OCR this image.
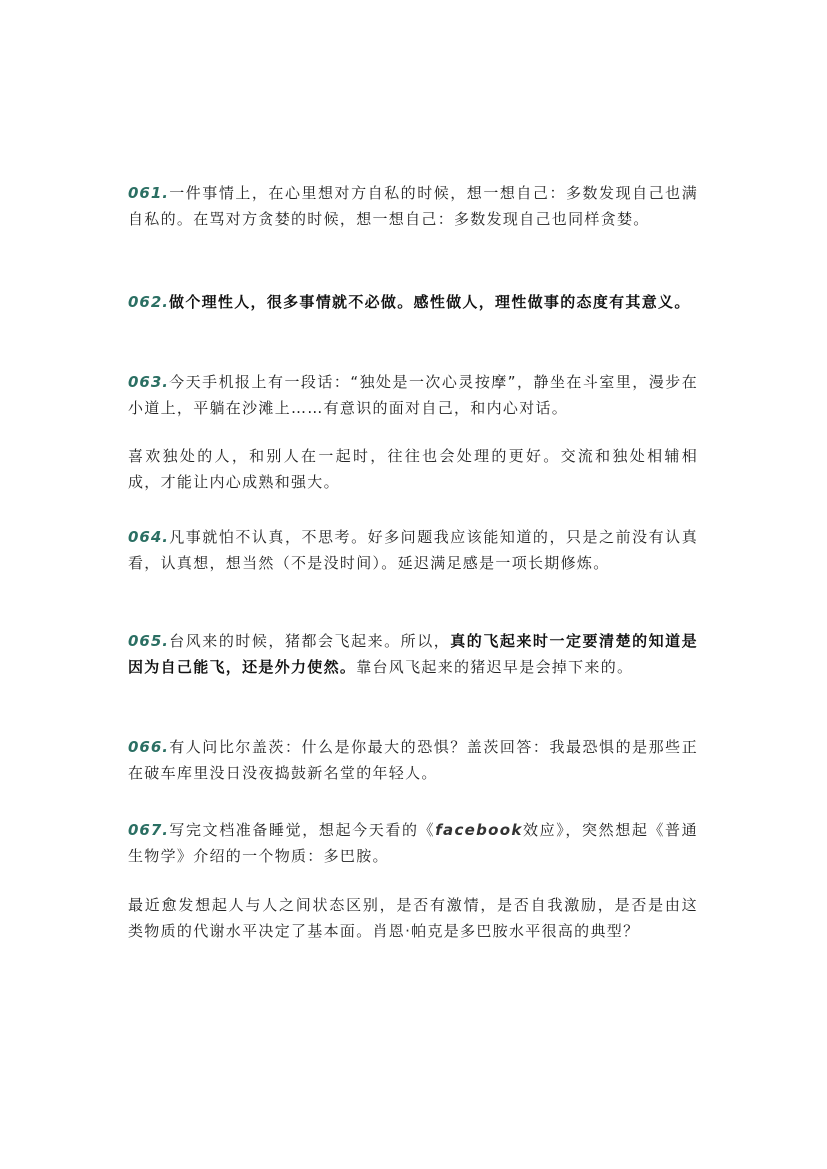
061.一件事情上，在心里想对方自私的时候，想一想自己：多数发现自己也满自私的。在骂对方贪婪的时候，想一想自己：多数发现自己也同样贪婪。

062.做个理性人，很多事情就不必做。感性做人，理性做事的态度有其意义。

063.今天手机报上有一段话：“独处是一次心灵按摩”，静坐在斗室里，漫步在小道上，平躺在沙滩上……有意识的面对自己，和内心对话。

喜欢独处的人，和别人在一起时，往往也会处理的更好。交流和独处相辅相成，才能让内心成熟和强大。

064.凡事就怕不认真，不思考。好多问题我应该能知道的，只是之前没有认真看，认真想，想当然（不是没时间）。延迟满足感是一项长期修炼。

065.台风来的时候，猪都会飞起来。所以，真的飞起来时一定要清楚的知道是因为自己能飞，还是外力使然。靠台风飞起来的猪迟早是会掉下来的。

066.有人问比尔盖茨：什么是你最大的恐惧？盖茨回答：我最恐惧的是那些正在破车库里没日没夜捣鼓新名堂的年轻人。

067.写完文档准备睡觉，想起今天看的《facebook效应》，突然想起《普通生物学》介绍的一个物质：多巴胺。

最近愈发想起人与人之间状态区别，是否有激情，是否自我激励，是否是由这类物质的代谢水平决定了基本面。肖恩·帕克是多巴胺水平很高的典型？
